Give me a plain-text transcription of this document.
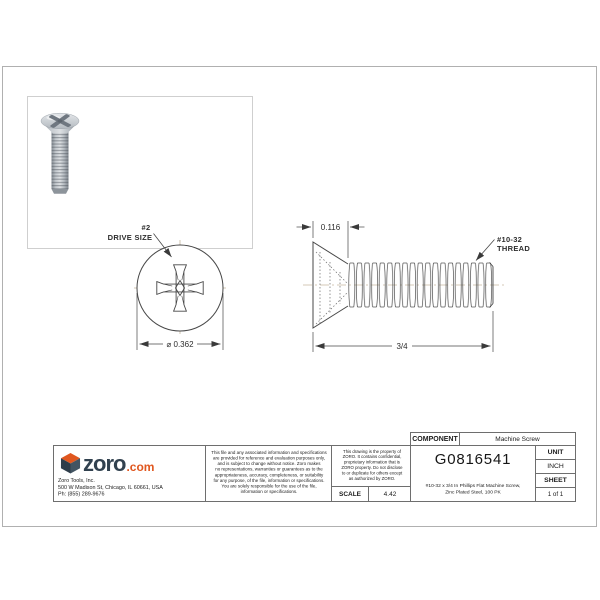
#2
DRIVE SIZE
⌀ 0.362
0.116
#10-32
THREAD
3/4
COMPONENT	Machine Screw
zoro .com
Zoro Tools, Inc.
500 W Madison St, Chicago, IL 60661, USA
Ph: (855) 289-9676
This file and any associated information and specifications
are provided for reference and evaluation purposes only,
and is subject to change without notice. Zoro makes
no representations, warranties or guarantees as to the
appropriateness, accuracy, completeness, or suitability
for any purpose, of the file, information or specifications.
You are solely responsible for the use of the file,
information or specifications.
This drawing is the property of
ZORO. It contains confidential,
proprietary information that is
ZORO property. Do not disclose
to or duplicate for others except
as authorized by ZORO.
SCALE	4.42
G0816541
#10-32 x 3/4 In Phillips Flat Machine Screw,
Zinc Plated Steel, 100 PK
UNIT
INCH
SHEET
1 of 1
